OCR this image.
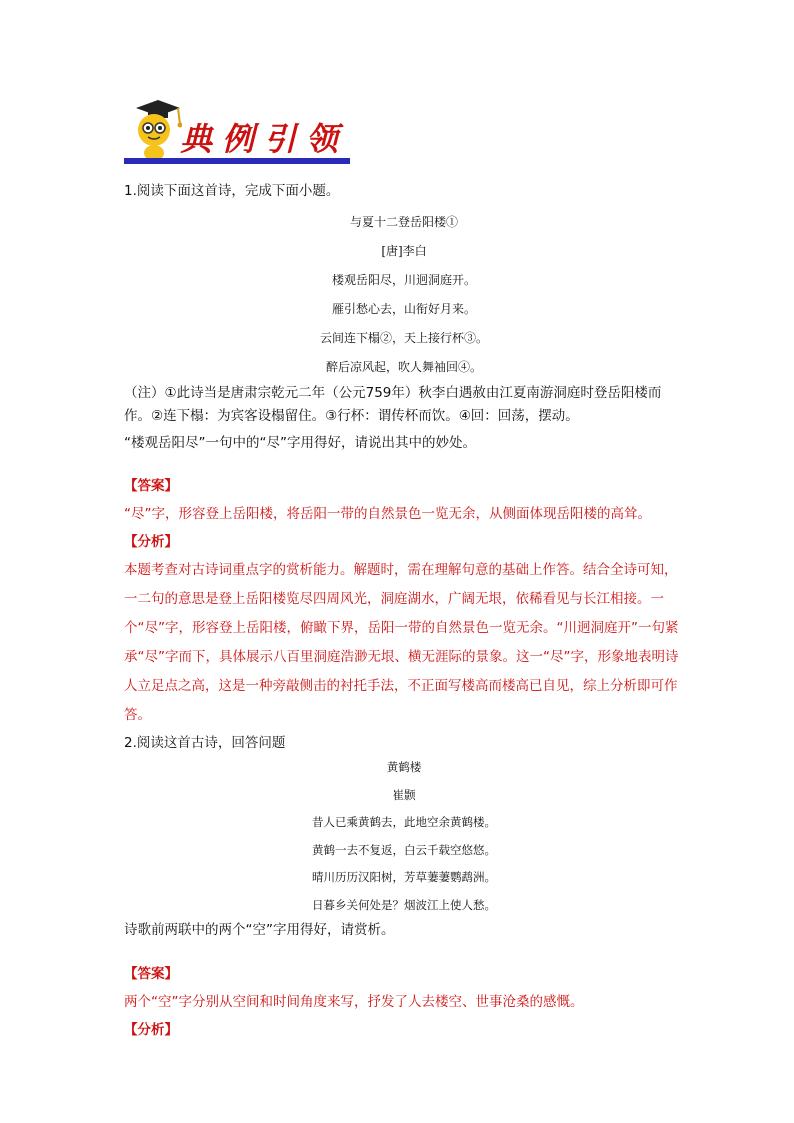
典例引领
1.阅读下面这首诗，完成下面小题。
与夏十二登岳阳楼①
[唐]李白
楼观岳阳尽，川迥洞庭开。
雁引愁心去，山衔好月来。
云间连下榻②，天上接行杯③。
醉后凉风起，吹人舞袖回④。
（注）①此诗当是唐肃宗乾元二年（公元759年）秋李白遇赦由江夏南游洞庭时登岳阳楼而作。②连下榻：为宾客设榻留住。③行杯：谓传杯而饮。④回：回荡，摆动。
“楼观岳阳尽”一句中的“尽”字用得好，请说出其中的妙处。
【答案】
“尽”字，形容登上岳阳楼，将岳阳一带的自然景色一览无余，从侧面体现岳阳楼的高耸。
【分析】
本题考查对古诗词重点字的赏析能力。解题时，需在理解句意的基础上作答。结合全诗可知，一二句的意思是登上岳阳楼览尽四周风光，洞庭湖水，广阔无垠，依稀看见与长江相接。一个“尽”字，形容登上岳阳楼，俯瞰下界，岳阳一带的自然景色一览无余。“川迥洞庭开”一句紧承“尽”字而下，具体展示八百里洞庭浩渺无垠、横无涯际的景象。这一“尽”字，形象地表明诗人立足点之高，这是一种旁敲侧击的衬托手法，不正面写楼高而楼高已自见，综上分析即可作答。
2.阅读这首古诗，回答问题
黄鹤楼
崔颢
昔人已乘黄鹤去，此地空余黄鹤楼。
黄鹤一去不复返，白云千载空悠悠。
晴川历历汉阳树，芳草萋萋鹦鹉洲。
日暮乡关何处是？烟波江上使人愁。
诗歌前两联中的两个“空”字用得好，请赏析。
【答案】
两个“空”字分别从空间和时间角度来写，抒发了人去楼空、世事沧桑的感慨。
【分析】
